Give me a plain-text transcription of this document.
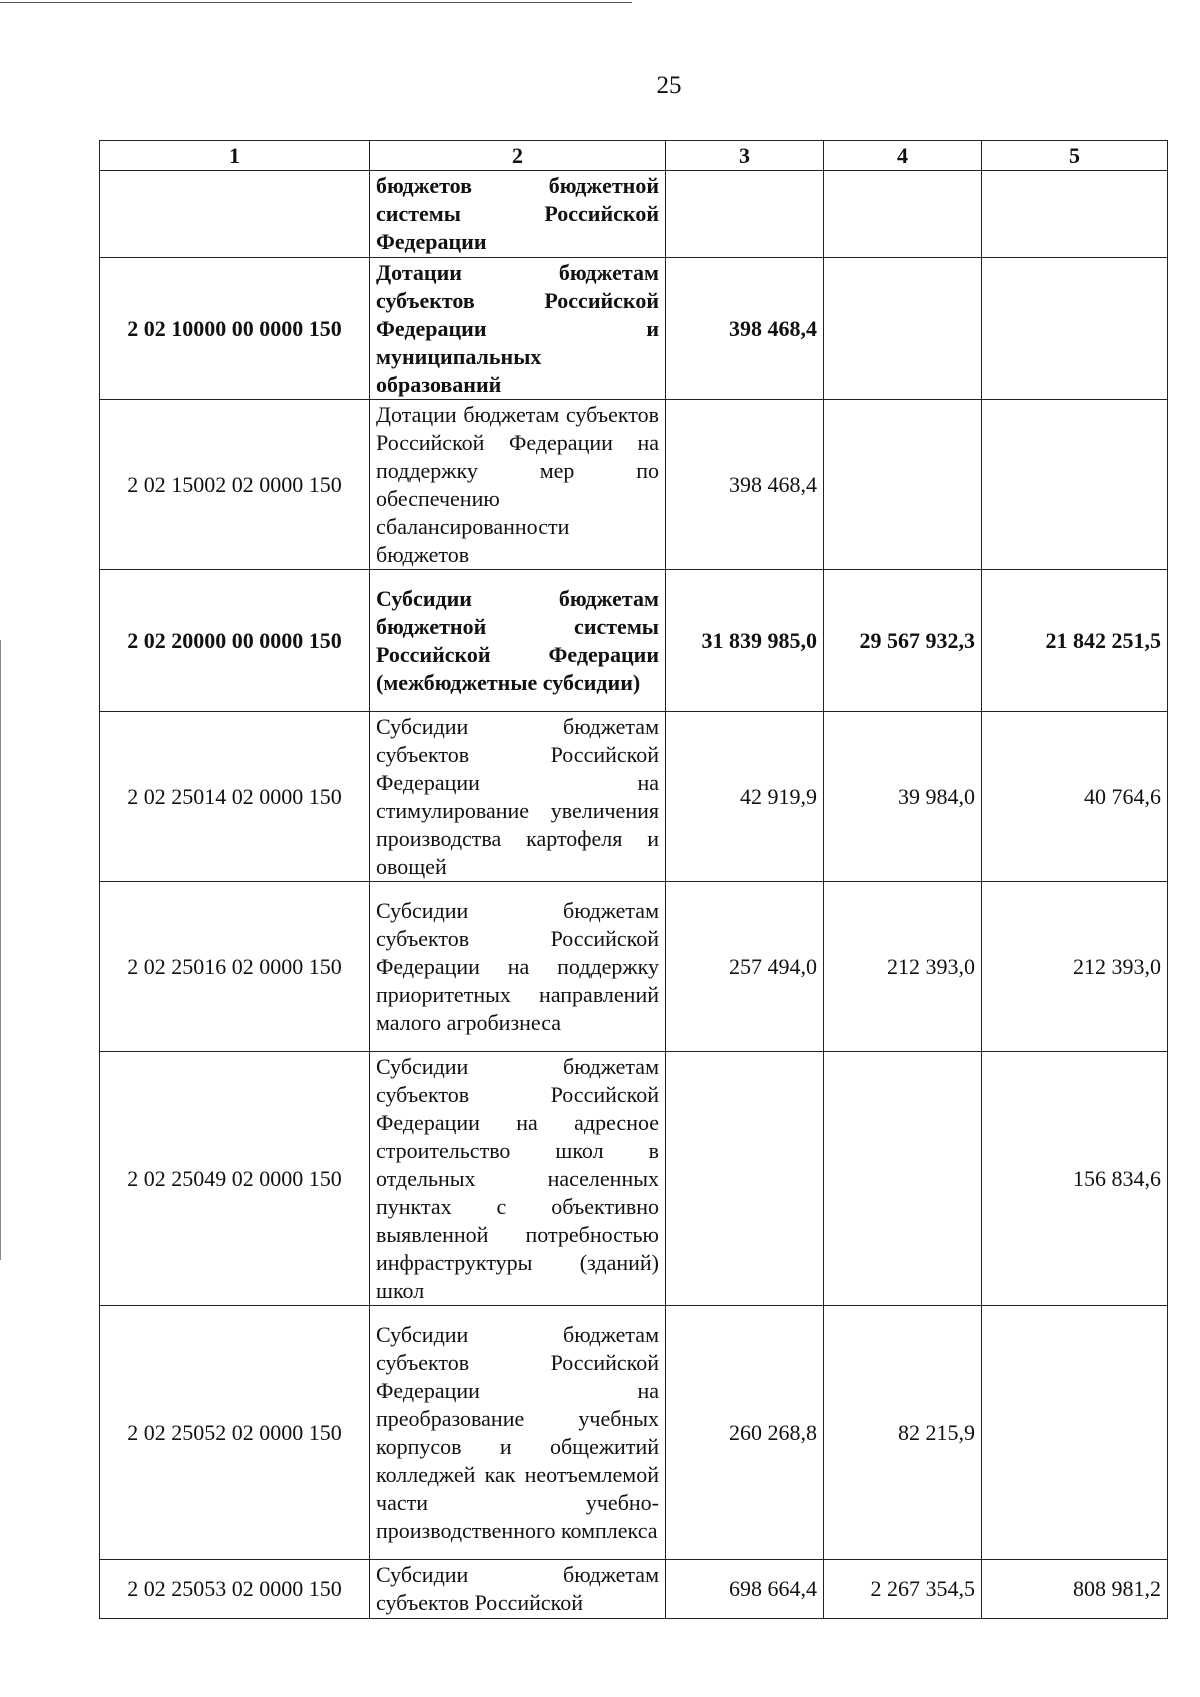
25
1	2	3	4	5
	бюджетов бюджетной системы Российской Федерации			
2 02 10000 00 0000 150	Дотации бюджетам субъектов Российской Федерации и муниципальных образований	398 468,4		
2 02 15002 02 0000 150	Дотации бюджетам субъектов Российской Федерации на поддержку мер по обеспечению сбалансированности бюджетов	398 468,4		
2 02 20000 00 0000 150	Субсидии бюджетам бюджетной системы Российской Федерации (межбюджетные субсидии)	31 839 985,0	29 567 932,3	21 842 251,5
2 02 25014 02 0000 150	Субсидии бюджетам субъектов Российской Федерации на стимулирование увеличения производства картофеля и овощей	42 919,9	39 984,0	40 764,6
2 02 25016 02 0000 150	Субсидии бюджетам субъектов Российской Федерации на поддержку приоритетных направлений малого агробизнеса	257 494,0	212 393,0	212 393,0
2 02 25049 02 0000 150	Субсидии бюджетам субъектов Российской Федерации на адресное строительство школ в отдельных населенных пунктах с объективно выявленной потребностью инфраструктуры (зданий) школ			156 834,6
2 02 25052 02 0000 150	Субсидии бюджетам субъектов Российской Федерации на преобразование учебных корпусов и общежитий колледжей как неотъемлемой части учебно-производственного комплекса	260 268,8	82 215,9	
2 02 25053 02 0000 150	Субсидии бюджетам субъектов Российской	698 664,4	2 267 354,5	808 981,2
